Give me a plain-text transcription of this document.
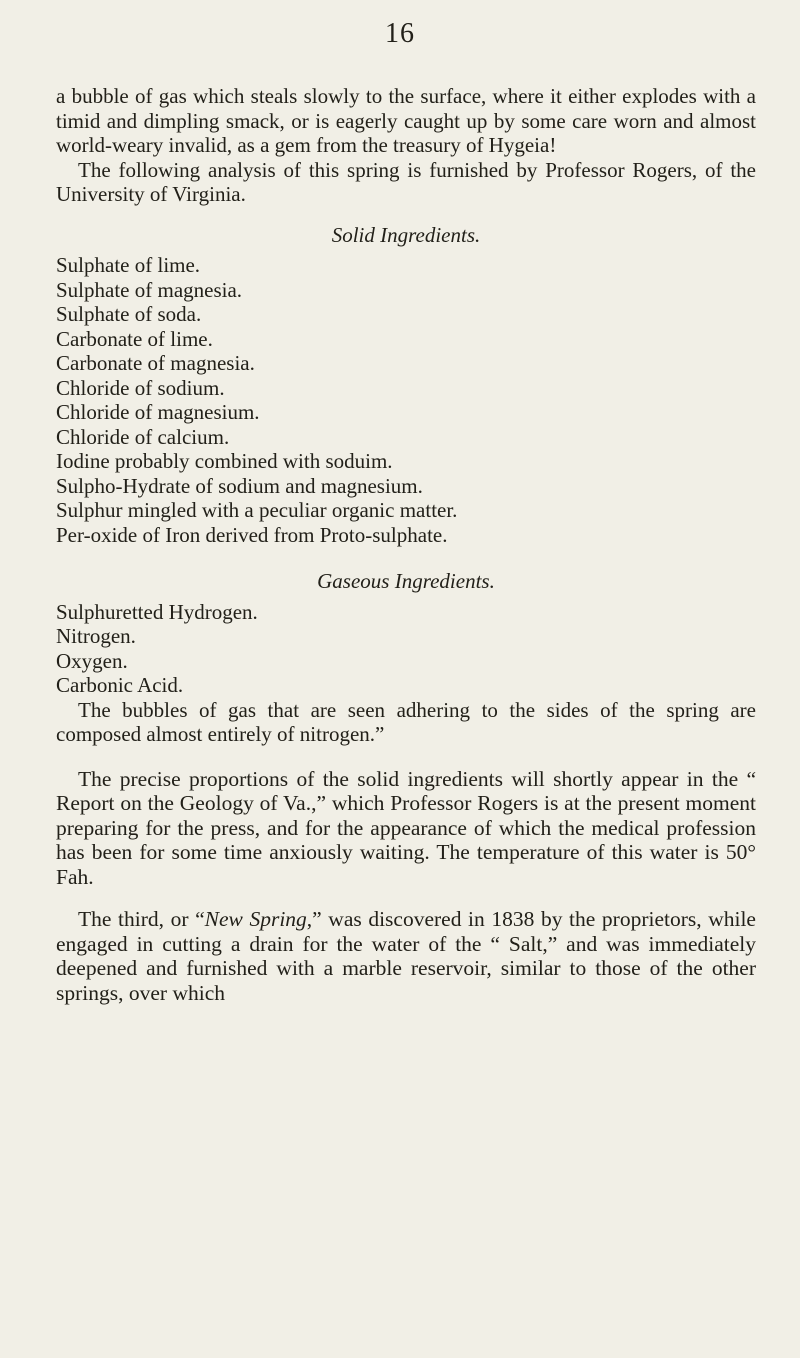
16

a bubble of gas which steals slowly to the surface, where it either explodes with a timid and dimpling smack, or is eagerly caught up by some care worn and almost world-weary invalid, as a gem from the treasury of Hygeia!

The following analysis of this spring is furnished by Professor Rogers, of the University of Virginia.

Solid Ingredients.
Sulphate of lime.
Sulphate of magnesia.
Sulphate of soda.
Carbonate of lime.
Carbonate of magnesia.
Chloride of sodium.
Chloride of magnesium.
Chloride of calcium.
Iodine probably combined with soduim.
Sulpho-Hydrate of sodium and magnesium.
Sulphur mingled with a peculiar organic matter.
Per-oxide of Iron derived from Proto-sulphate.
Gaseous Ingredients.
Sulphuretted Hydrogen.
Nitrogen.
Oxygen.
Carbonic Acid.

The bubbles of gas that are seen adhering to the sides of the spring are composed almost entirely of nitrogen.”

The precise proportions of the solid ingredients will shortly appear in the “ Report on the Geology of Va.,” which Professor Rogers is at the present moment preparing for the press, and for the appearance of which the medical profession has been for some time anxiously waiting. The temperature of this water is 50° Fah.

The third, or “New Spring,” was discovered in 1838 by the proprietors, while engaged in cutting a drain for the water of the “ Salt,” and was immediately deepened and furnished with a marble reservoir, similar to those of the other springs, over which
